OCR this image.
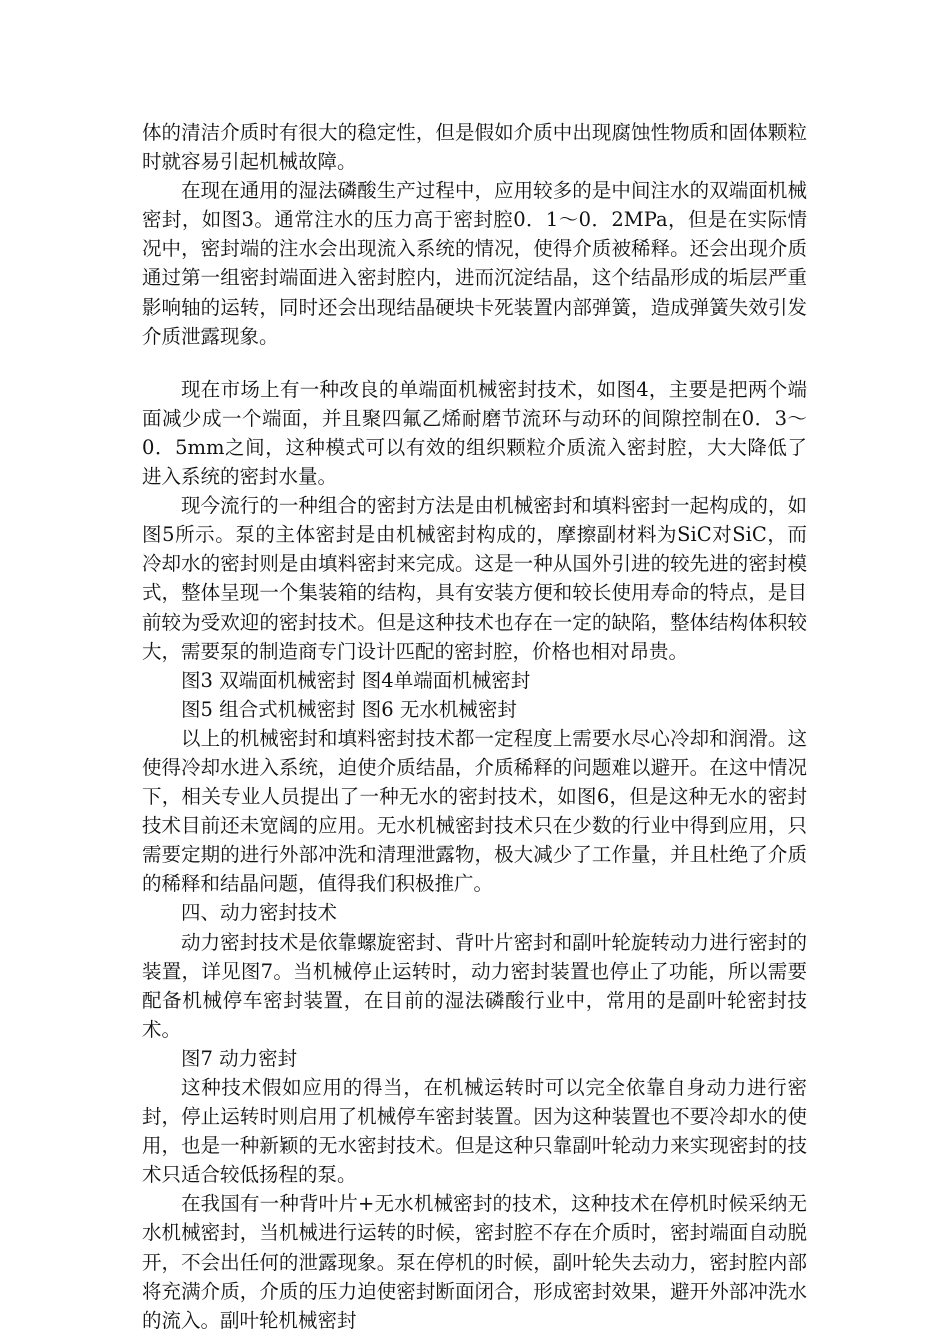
体的清洁介质时有很大的稳定性，但是假如介质中出现腐蚀性物质和固体颗粒时就容易引起机械故障。

在现在通用的湿法磷酸生产过程中，应用较多的是中间注水的双端面机械密封，如图3。通常注水的压力高于密封腔0．1～0．2MPa，但是在实际情况中，密封端的注水会出现流入系统的情况，使得介质被稀释。还会出现介质通过第一组密封端面进入密封腔内，进而沉淀结晶，这个结晶形成的垢层严重影响轴的运转，同时还会出现结晶硬块卡死装置内部弹簧，造成弹簧失效引发介质泄露现象。

现在市场上有一种改良的单端面机械密封技术，如图4，主要是把两个端面减少成一个端面，并且聚四氟乙烯耐磨节流环与动环的间隙控制在0．3～0．5mm之间，这种模式可以有效的组织颗粒介质流入密封腔，大大降低了进入系统的密封水量。

现今流行的一种组合的密封方法是由机械密封和填料密封一起构成的，如图5所示。泵的主体密封是由机械密封构成的，摩擦副材料为SiC对SiC，而冷却水的密封则是由填料密封来完成。这是一种从国外引进的较先进的密封模式，整体呈现一个集装箱的结构，具有安装方便和较长使用寿命的特点，是目前较为受欢迎的密封技术。但是这种技术也存在一定的缺陷，整体结构体积较大，需要泵的制造商专门设计匹配的密封腔，价格也相对昂贵。

图3 双端面机械密封 图4单端面机械密封

图5 组合式机械密封 图6 无水机械密封

以上的机械密封和填料密封技术都一定程度上需要水尽心冷却和润滑。这使得冷却水进入系统，迫使介质结晶，介质稀释的问题难以避开。在这中情况下，相关专业人员提出了一种无水的密封技术，如图6，但是这种无水的密封技术目前还未宽阔的应用。无水机械密封技术只在少数的行业中得到应用，只需要定期的进行外部冲洗和清理泄露物，极大减少了工作量，并且杜绝了介质的稀释和结晶问题，值得我们积极推广。

四、动力密封技术

动力密封技术是依靠螺旋密封、背叶片密封和副叶轮旋转动力进行密封的装置，详见图7。当机械停止运转时，动力密封装置也停止了功能，所以需要配备机械停车密封装置，在目前的湿法磷酸行业中，常用的是副叶轮密封技术。

图7 动力密封

这种技术假如应用的得当，在机械运转时可以完全依靠自身动力进行密封，停止运转时则启用了机械停车密封装置。因为这种装置也不要冷却水的使用，也是一种新颖的无水密封技术。但是这种只靠副叶轮动力来实现密封的技术只适合较低扬程的泵。

在我国有一种背叶片+无水机械密封的技术，这种技术在停机时候采纳无水机械密封，当机械进行运转的时候，密封腔不存在介质时，密封端面自动脱开，不会出任何的泄露现象。泵在停机的时候，副叶轮失去动力，密封腔内部将充满介质，介质的压力迫使密封断面闭合，形成密封效果，避开外部冲洗水的流入。副叶轮机械密封
